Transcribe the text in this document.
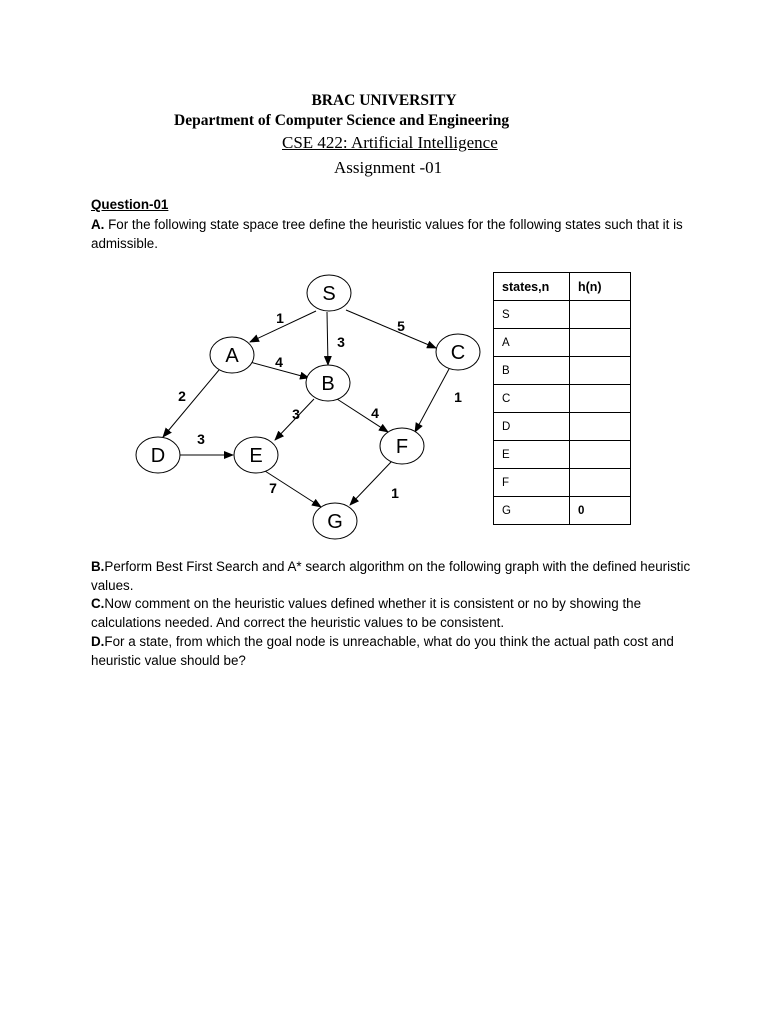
BRAC UNIVERSITY
Department of Computer Science and Engineering
CSE 422: Artificial Intelligence
Assignment -01
Question-01
A. For the following state space tree define the heuristic values for the following states such that it is admissible.
S
A
B
C
D	E	F
G
1
3
5
4
2	1
3	4
3
7	1
states,n	h(n)
S	
A	
B	
C	
D	
E	
F	
G	0
B.Perform Best First Search and A* search algorithm on the following graph with the defined heuristic values.
C.Now comment on the heuristic values defined whether it is consistent or no by showing the calculations needed. And correct the heuristic values to be consistent.
D.For a state, from which the goal node is unreachable, what do you think the actual path cost and heuristic value should be?
